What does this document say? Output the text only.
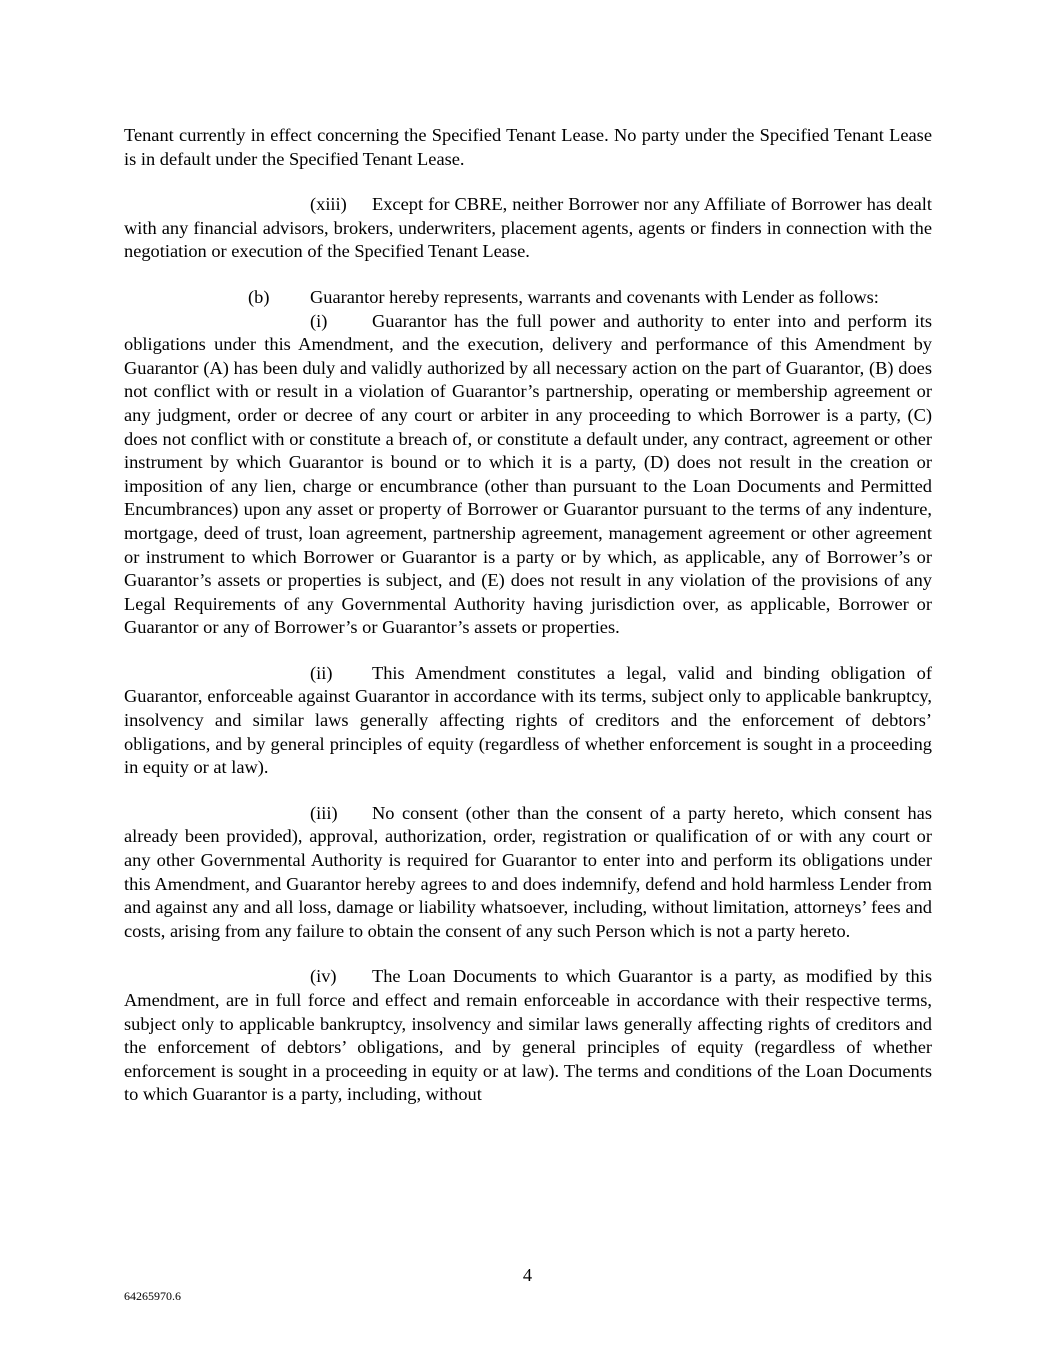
Tenant currently in effect concerning the Specified Tenant Lease. No party under the Specified Tenant Lease is in default under the Specified Tenant Lease.

(xiii) Except for CBRE, neither Borrower nor any Affiliate of Borrower has dealt with any financial advisors, brokers, underwriters, placement agents, agents or finders in connection with the negotiation or execution of the Specified Tenant Lease.

(b) Guarantor hereby represents, warrants and covenants with Lender as follows:

(i) Guarantor has the full power and authority to enter into and perform its obligations under this Amendment, and the execution, delivery and performance of this Amendment by Guarantor (A) has been duly and validly authorized by all necessary action on the part of Guarantor, (B) does not conflict with or result in a violation of Guarantor’s partnership, operating or membership agreement or any judgment, order or decree of any court or arbiter in any proceeding to which Borrower is a party, (C) does not conflict with or constitute a breach of, or constitute a default under, any contract, agreement or other instrument by which Guarantor is bound or to which it is a party, (D) does not result in the creation or imposition of any lien, charge or encumbrance (other than pursuant to the Loan Documents and Permitted Encumbrances) upon any asset or property of Borrower or Guarantor pursuant to the terms of any indenture, mortgage, deed of trust, loan agreement, partnership agreement, management agreement or other agreement or instrument to which Borrower or Guarantor is a party or by which, as applicable, any of Borrower’s or Guarantor’s assets or properties is subject, and (E) does not result in any violation of the provisions of any Legal Requirements of any Governmental Authority having jurisdiction over, as applicable, Borrower or Guarantor or any of Borrower’s or Guarantor’s assets or properties.

(ii) This Amendment constitutes a legal, valid and binding obligation of Guarantor, enforceable against Guarantor in accordance with its terms, subject only to applicable bankruptcy, insolvency and similar laws generally affecting rights of creditors and the enforcement of debtors’ obligations, and by general principles of equity (regardless of whether enforcement is sought in a proceeding in equity or at law).

(iii) No consent (other than the consent of a party hereto, which consent has already been provided), approval, authorization, order, registration or qualification of or with any court or any other Governmental Authority is required for Guarantor to enter into and perform its obligations under this Amendment, and Guarantor hereby agrees to and does indemnify, defend and hold harmless Lender from and against any and all loss, damage or liability whatsoever, including, without limitation, attorneys’ fees and costs, arising from any failure to obtain the consent of any such Person which is not a party hereto.

(iv) The Loan Documents to which Guarantor is a party, as modified by this Amendment, are in full force and effect and remain enforceable in accordance with their respective terms, subject only to applicable bankruptcy, insolvency and similar laws generally affecting rights of creditors and the enforcement of debtors’ obligations, and by general principles of equity (regardless of whether enforcement is sought in a proceeding in equity or at law). The terms and conditions of the Loan Documents to which Guarantor is a party, including, without

4
64265970.6
